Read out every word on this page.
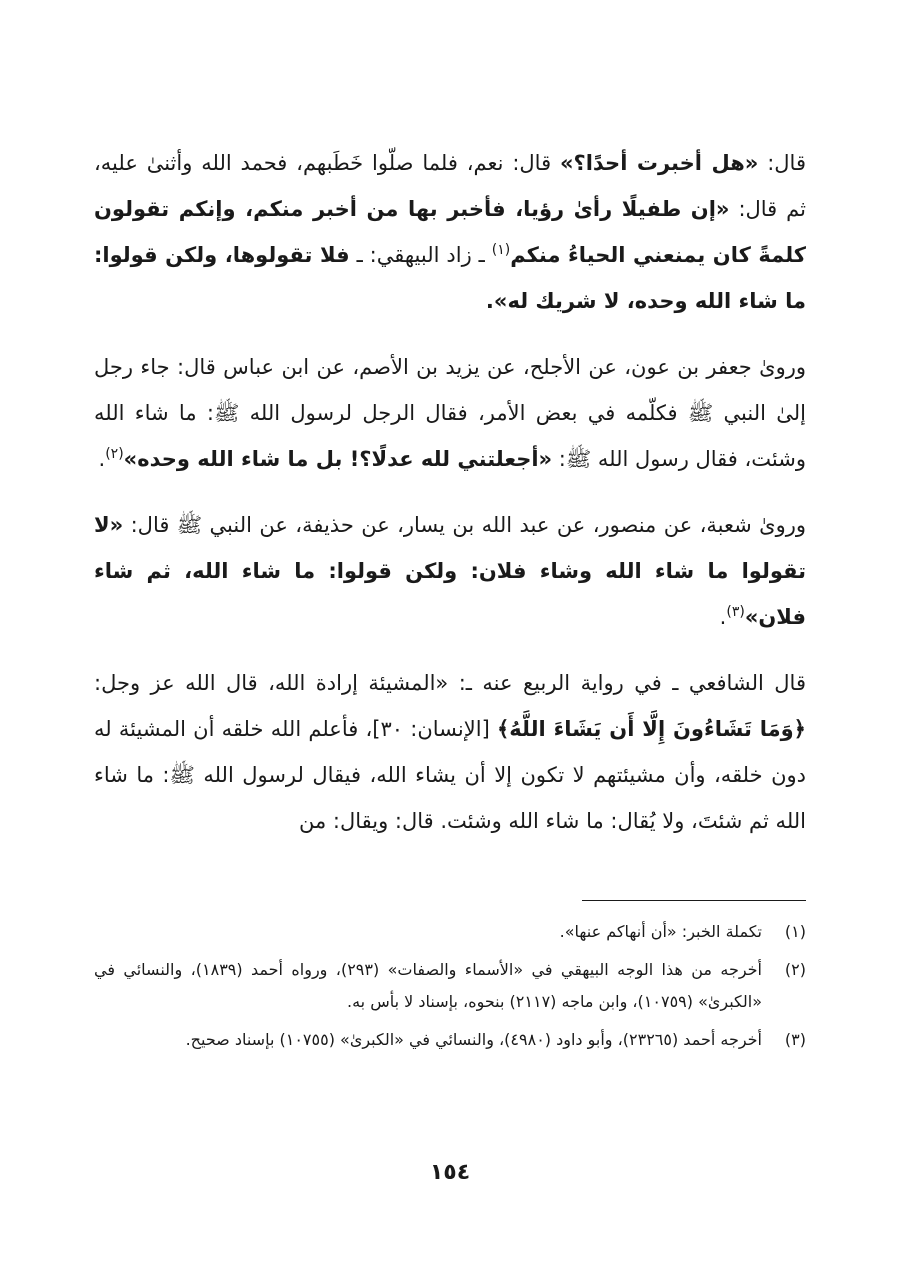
قال: «هل أخبرت أحدًا؟» قال: نعم، فلما صلّوا خَطَبهم، فحمد الله وأثنىٰ عليه، ثم قال: «إن طفيلًا رأىٰ رؤيا، فأخبر بها من أخبر منكم، وإنكم تقولون كلمةً كان يمنعني الحياءُ منكم$^{(١)}$ ـ زاد البيهقي: ـ فلا تقولوها، ولكن قولوا: ما شاء الله وحده، لا شريك له».

وروىٰ جعفر بن عون، عن الأجلح، عن يزيد بن الأصم، عن ابن عباس قال: جاء رجل إلىٰ النبي ﷺ فكلّمه في بعض الأمر، فقال الرجل لرسول الله ﷺ: ما شاء الله وشئت، فقال رسول الله ﷺ: «أجعلتني لله عدلًا؟! بل ما شاء الله وحده»$^{(٢)}$.

وروىٰ شعبة، عن منصور، عن عبد الله بن يسار، عن حذيفة، عن النبي ﷺ قال: «لا تقولوا ما شاء الله وشاء فلان: ولكن قولوا: ما شاء الله، ثم شاء فلان»$^{(٣)}$.

قال الشافعي ـ في رواية الربيع عنه ـ: «المشيئة إرادة الله، قال الله عز وجل: ﴿وَمَا تَشَاءُونَ إِلَّا أَن يَشَاءَ اللَّهُ﴾ [الإنسان: ٣٠]، فأعلم الله خلقه أن المشيئة له دون خلقه، وأن مشيئتهم لا تكون إلا أن يشاء الله، فيقال لرسول الله ﷺ: ما شاء الله ثم شئتَ، ولا يُقال: ما شاء الله وشئت. قال: ويقال: من

(١)
تكملة الخبر: «أن أنهاكم عنها».
(٢)
أخرجه من هذا الوجه البيهقي في «الأسماء والصفات» (٢٩٣)، ورواه أحمد (١٨٣٩)، والنسائي في «الكبرىٰ» (١٠٧٥٩)، وابن ماجه (٢١١٧) بنحوه، بإسناد لا بأس به.
(٣)
أخرجه أحمد (٢٣٢٦٥)، وأبو داود (٤٩٨٠)، والنسائي في «الكبرىٰ» (١٠٧٥٥) بإسناد صحيح.
١٥٤
